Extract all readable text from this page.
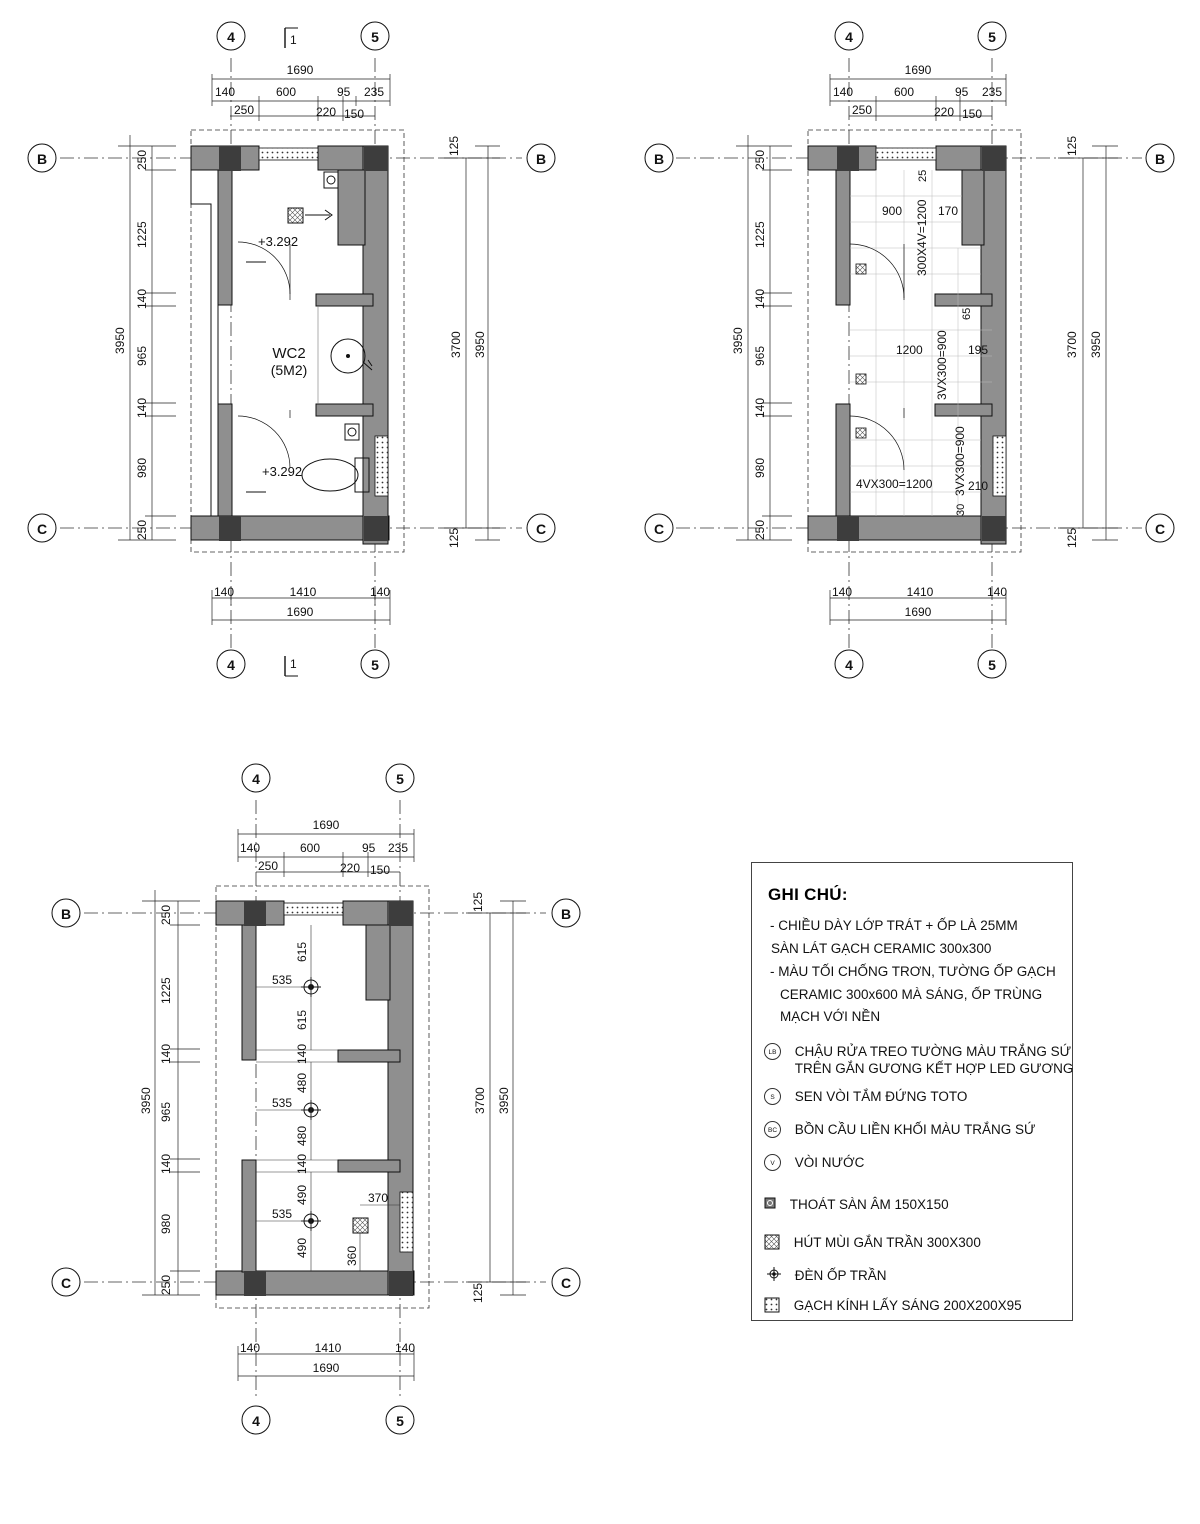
WC2
(5M2)
+3.292
+3.292
1690
140	600	95 235
250	220 150
250
1225
140
965
140
980
250
3950
125
3700 3950
125
140	1410	140
1690
1
1
4	5
4	5
B	B
C	C
900	170
25
300X4V=1200
1200	195
65
3VX300=900
3VX300=900
4VX300=1200	210
30
1690
140	600	95 235
250	220 150
250
1225
140
965
140
980
250
3950
125
3700 3950
125
140	1410	140
1690
4	5
4	5
B	B
C	C
535
615
615
140
480
535
480
140
490
535
490
370
360
1690
140	600	95 235
250	220 150
250
1225
140
965
140
980
250
3950
125
3700 3950
125
140	1410	140
1690
4	5
4	5
B	B
C	C
GHI CHÚ:
- CHIỀU DÀY LỚP TRÁT + ỐP LÀ 25MM
SÀN LÁT GẠCH CERAMIC 300x300
- MÀU TỐI CHỐNG TRƠN, TƯỜNG ỐP GẠCH
CERAMIC 300x600 MÀ SÁNG, ỐP TRÙNG
MẠCH VỚI NỀN
LB CHẬU RỬA TREO TƯỜNG MÀU TRẮNG SỨ
TRÊN GẮN GƯƠNG KẾT HỢP LED GƯƠNG
S SEN VÒI TẮM ĐỨNG TOTO
BC BỒN CẦU LIỀN KHỐI MÀU TRẮNG SỨ
V VÒI NƯỚC
THOÁT SÀN ÂM 150X150
HÚT MÙI GẮN TRẦN 300X300
ĐÈN ỐP TRẦN
GẠCH KÍNH LẤY SÁNG 200X200X95
